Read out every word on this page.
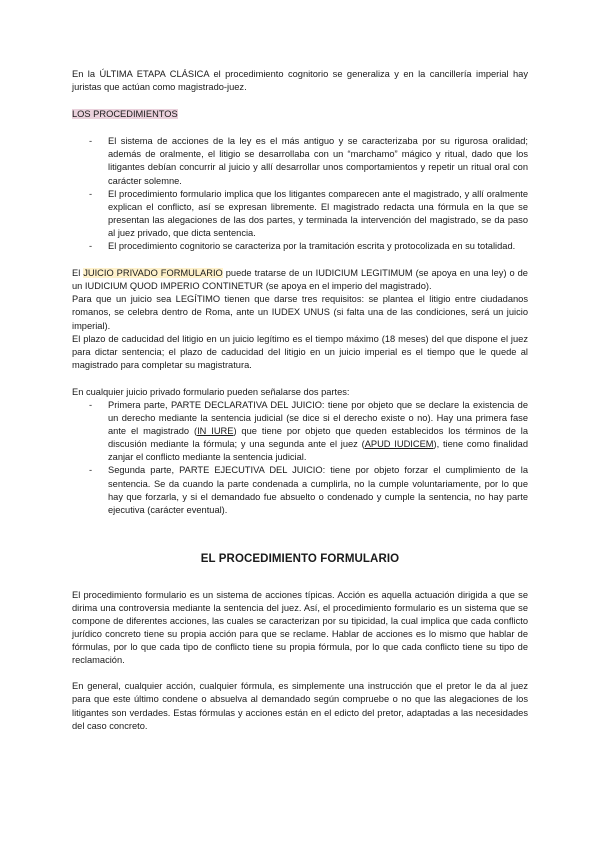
En la ÚLTIMA ETAPA CLÁSICA el procedimiento cognitorio se generaliza y en la cancillería imperial hay juristas que actúan como magistrado-juez.

LOS PROCEDIMIENTOS

- El sistema de acciones de la ley es el más antiguo y se caracterizaba por su rigurosa oralidad; además de oralmente, el litigio se desarrollaba con un “marchamo” mágico y ritual, dado que los litigantes debían concurrir al juicio y allí desarrollar unos comportamientos y repetir un ritual oral con carácter solemne.
- El procedimiento formulario implica que los litigantes comparecen ante el magistrado, y allí oralmente explican el conflicto, así se expresan libremente. El magistrado redacta una fórmula en la que se presentan las alegaciones de las dos partes, y terminada la intervención del magistrado, se da paso al juez privado, que dicta sentencia.
- El procedimiento cognitorio se caracteriza por la tramitación escrita y protocolizada en su totalidad.

El JUICIO PRIVADO FORMULARIO puede tratarse de un IUDICIUM LEGITIMUM (se apoya en una ley) o de un IUDICIUM QUOD IMPERIO CONTINETUR (se apoya en el imperio del magistrado).

Para que un juicio sea LEGÍTIMO tienen que darse tres requisitos: se plantea el litigio entre ciudadanos romanos, se celebra dentro de Roma, ante un IUDEX UNUS (si falta una de las condiciones, será un juicio imperial).

El plazo de caducidad del litigio en un juicio legítimo es el tiempo máximo (18 meses) del que dispone el juez para dictar sentencia; el plazo de caducidad del litigio en un juicio imperial es el tiempo que le quede al magistrado para completar su magistratura.

En cualquier juicio privado formulario pueden señalarse dos partes:

- Primera parte, PARTE DECLARATIVA DEL JUICIO: tiene por objeto que se declare la existencia de un derecho mediante la sentencia judicial (se dice si el derecho existe o no). Hay una primera fase ante el magistrado (IN IURE) que tiene por objeto que queden establecidos los términos de la discusión mediante la fórmula; y una segunda ante el juez (APUD IUDICEM), tiene como finalidad zanjar el conflicto mediante la sentencia judicial.
- Segunda parte, PARTE EJECUTIVA DEL JUICIO: tiene por objeto forzar el cumplimiento de la sentencia. Se da cuando la parte condenada a cumplirla, no la cumple voluntariamente, por lo que hay que forzarla, y si el demandado fue absuelto o condenado y cumple la sentencia, no hay parte ejecutiva (carácter eventual).
EL PROCEDIMIENTO FORMULARIO

El procedimiento formulario es un sistema de acciones típicas. Acción es aquella actuación dirigida a que se dirima una controversia mediante la sentencia del juez. Así, el procedimiento formulario es un sistema que se compone de diferentes acciones, las cuales se caracterizan por su tipicidad, la cual implica que cada conflicto jurídico concreto tiene su propia acción para que se reclame. Hablar de acciones es lo mismo que hablar de fórmulas, por lo que cada tipo de conflicto tiene su propia fórmula, por lo que cada conflicto tiene su tipo de reclamación.

En general, cualquier acción, cualquier fórmula, es simplemente una instrucción que el pretor le da al juez para que este último condene o absuelva al demandado según compruebe o no que las alegaciones de los litigantes son verdades. Estas fórmulas y acciones están en el edicto del pretor, adaptadas a las necesidades del caso concreto.
